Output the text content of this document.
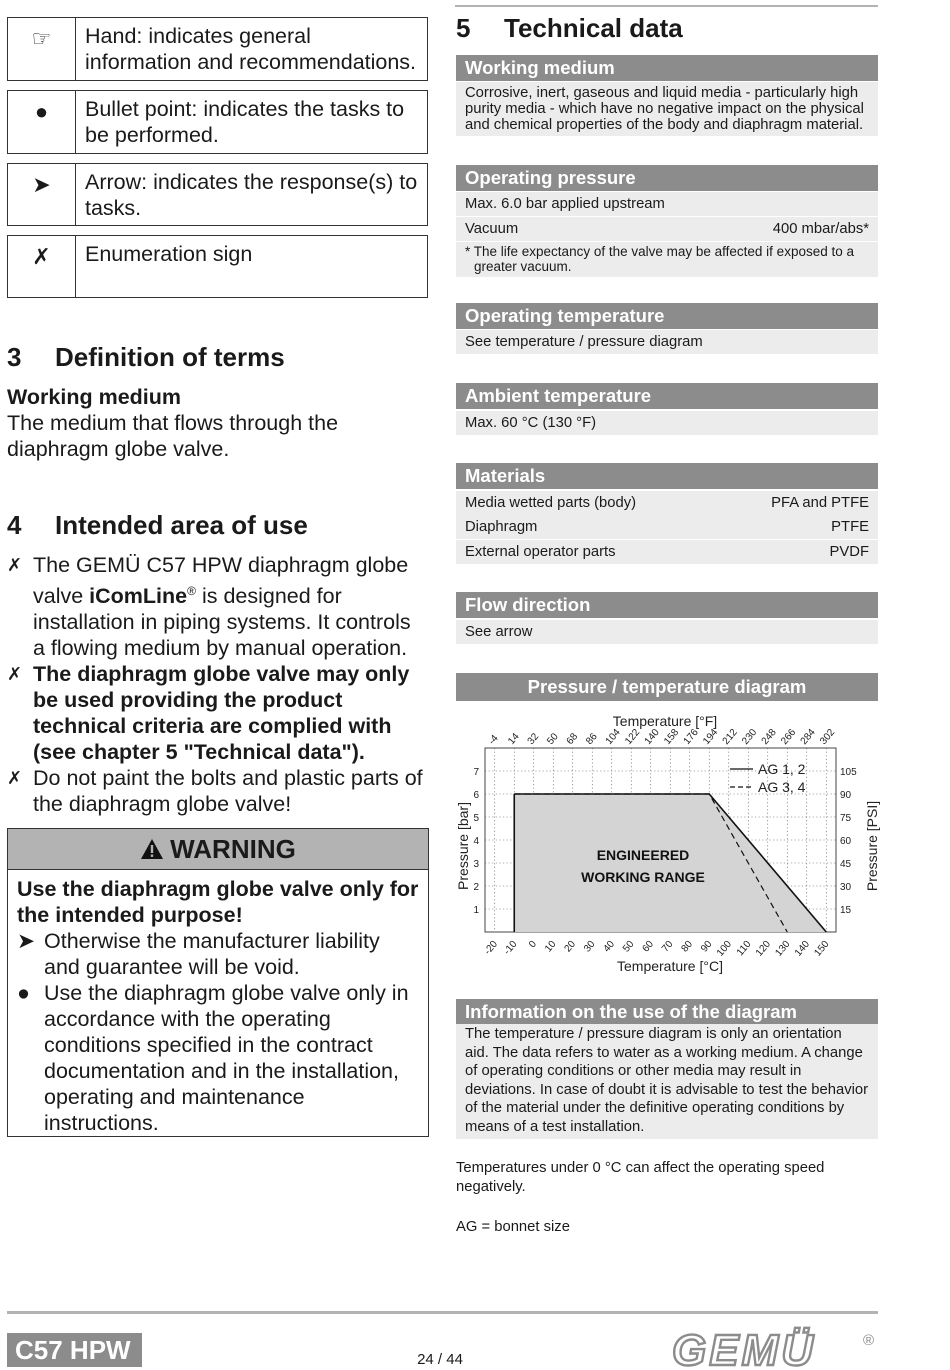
☞	Hand: indicates general information and recommendations.
●	Bullet point: indicates the tasks to be performed.
➤	Arrow: indicates the response(s) to tasks.
✗	Enumeration sign
3 Definition of terms
Working medium
The medium that flows through the diaphragm globe valve.
4 Intended area of use
✗ The GEMÜ C57 HPW diaphragm globe valve iComLine® is designed for installation in piping systems. It controls a flowing medium by manual operation.
✗ The diaphragm globe valve may only be used providing the product technical criteria are complied with (see chapter 5 "Technical data").
✗ Do not paint the bolts and plastic parts of the diaphragm globe valve!
WARNING
Use the diaphragm globe valve only for the intended purpose!
➤ Otherwise the manufacturer liability and guarantee will be void.
● Use the diaphragm globe valve only in accordance with the operating conditions specified in the contract documentation and in the installation, operating and maintenance instructions.
5 Technical data
Working medium
Corrosive, inert, gaseous and liquid media - particularly high purity media - which have no negative impact on the physical and chemical properties of the body and diaphragm material.
Operating pressure
Max. 6.0 bar applied upstream
Vacuum	400 mbar/abs*
* The life expectancy of the valve may be affected if exposed to a
greater vacuum.
Operating temperature
See temperature / pressure diagram
Ambient temperature
Max. 60 °C (130 °F)
Materials
Media wetted parts (body)	PFA and PTFE
Diaphragm	PTFE
External operator parts	PVDF
Flow direction
See arrow
Pressure / temperature diagram
Temperature [°F]
Temperature [°C]
Pressure [bar]	Pressure [PSI]
-20 -10 0 10 20 30 40 50 60 70 80 90 100 110 120 130 140 150
-4 14 32 50 68 86 104 122 140 158 176 194 212 230 248 266 284 302
1
2
3
4
5
6
7
15
30
45
60
75
90
105
AG 1, 2
AG 3, 4
ENGINEERED
WORKING RANGE
Information on the use of the diagram
The temperature / pressure diagram is only an orientation aid. The data refers to water as a working medium. A change of operating conditions or other media may result in deviations. In case of doubt it is advisable to test the behavior of the material under the definitive operating conditions by means of a test installation.
Temperatures under 0 °C can affect the operating speed negatively.
AG = bonnet size
C57 HPW	24 / 44	GEMÜ	®
